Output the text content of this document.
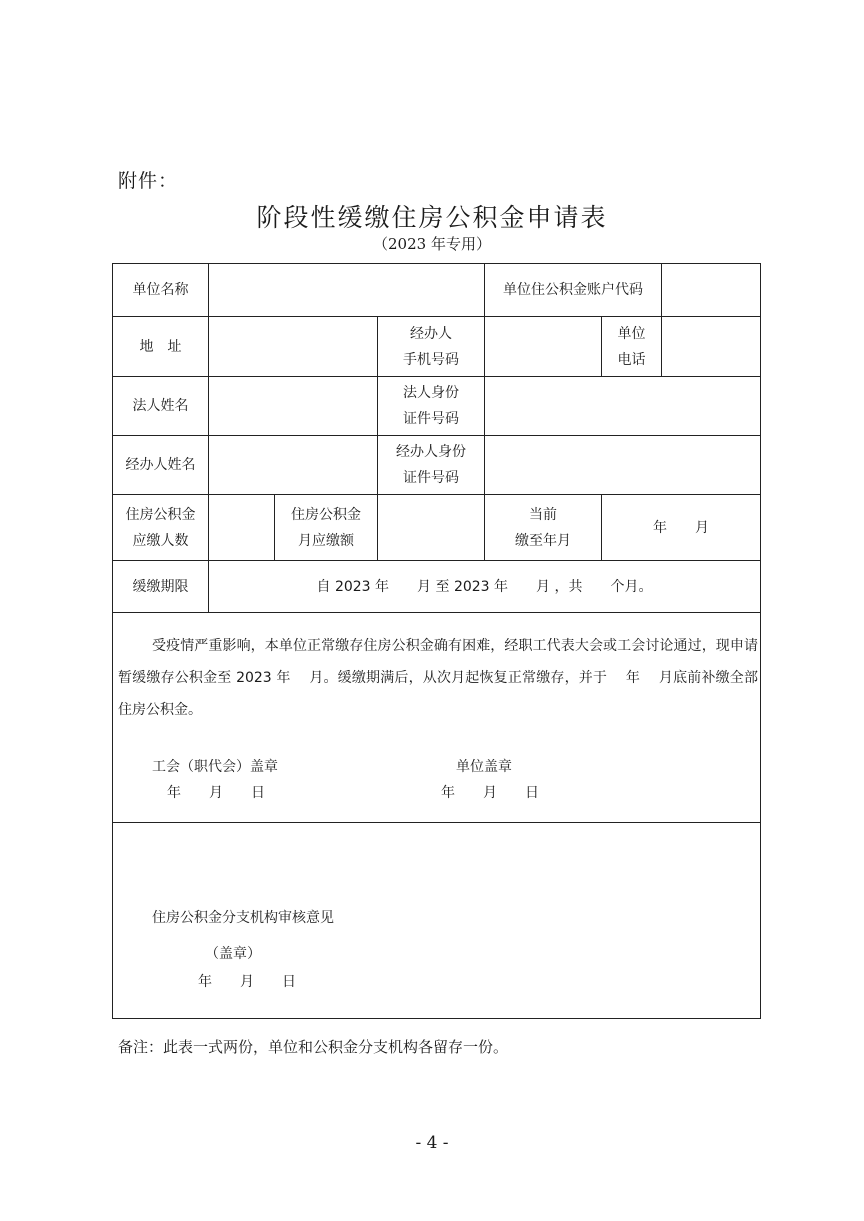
附件：
阶段性缓缴住房公积金申请表
（2023 年专用）
单位名称	单位住公积金账户代码
地　址
经办人
手机号码
单位
电话
法人姓名
法人身份
证件号码
经办人姓名
经办人身份
证件号码
住房公积金
应缴人数
住房公积金
月应缴额
当前
缴至年月
年　　月
缓缴期限	自 2023 年　　月 至 2023 年　　月 ，共　　个月。
受疫情严重影响，本单位正常缴存住房公积金确有困难，经职工代表大会或工会讨论通过，现申请暂缓缴存公积金至 2023 年　 月。缓缴期满后，从次月起恢复正常缴存，并于　 年　 月底前补缴全部住房公积金。
工会（职代会）盖章
年　　月　　日
单位盖章
年　　月　　日
住房公积金分支机构审核意见
（盖章）
年　　月　　日
备注：此表一式两份，单位和公积金分支机构各留存一份。
- 4 -
